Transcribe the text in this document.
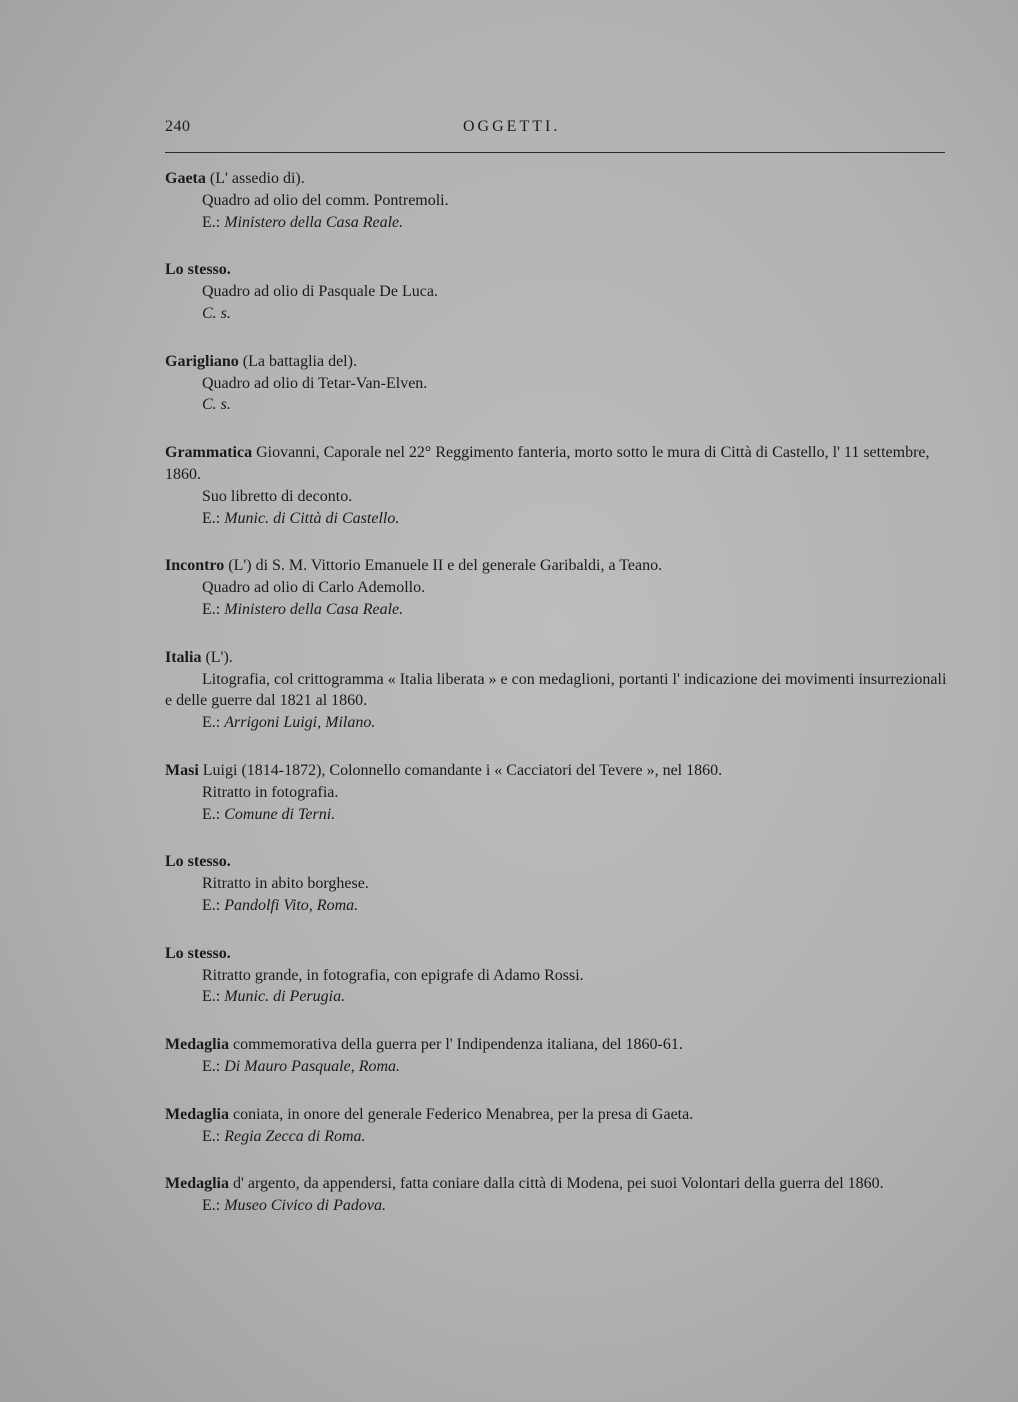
240	OGGETTI.
Gaeta (L' assedio di).
Quadro ad olio del comm. Pontremoli.
E.: Ministero della Casa Reale.
Lo stesso.
Quadro ad olio di Pasquale De Luca.
C. s.
Garigliano (La battaglia del).
Quadro ad olio di Tetar-Van-Elven.
C. s.
Grammatica Giovanni, Caporale nel 22° Reggimento fanteria, morto sotto le mura di Città di Castello, l' 11 settembre, 1860.
Suo libretto di deconto.
E.: Munic. di Città di Castello.
Incontro (L') di S. M. Vittorio Emanuele II e del generale Garibaldi, a Teano.
Quadro ad olio di Carlo Ademollo.
E.: Ministero della Casa Reale.
Italia (L').
Litografia, col crittogramma « Italia liberata » e con medaglioni, portanti l' indicazione dei movimenti insurrezionali e delle guerre dal 1821 al 1860.
E.: Arrigoni Luigi, Milano.
Masi Luigi (1814-1872), Colonnello comandante i « Cacciatori del Tevere », nel 1860.
Ritratto in fotografia.
E.: Comune di Terni.
Lo stesso.
Ritratto in abito borghese.
E.: Pandolfi Vito, Roma.
Lo stesso.
Ritratto grande, in fotografia, con epigrafe di Adamo Rossi.
E.: Munic. di Perugia.
Medaglia commemorativa della guerra per l' Indipendenza italiana, del 1860-61.
E.: Di Mauro Pasquale, Roma.
Medaglia coniata, in onore del generale Federico Menabrea, per la presa di Gaeta.
E.: Regia Zecca di Roma.
Medaglia d' argento, da appendersi, fatta coniare dalla città di Modena, pei suoi Volontari della guerra del 1860.
E.: Museo Civico di Padova.
